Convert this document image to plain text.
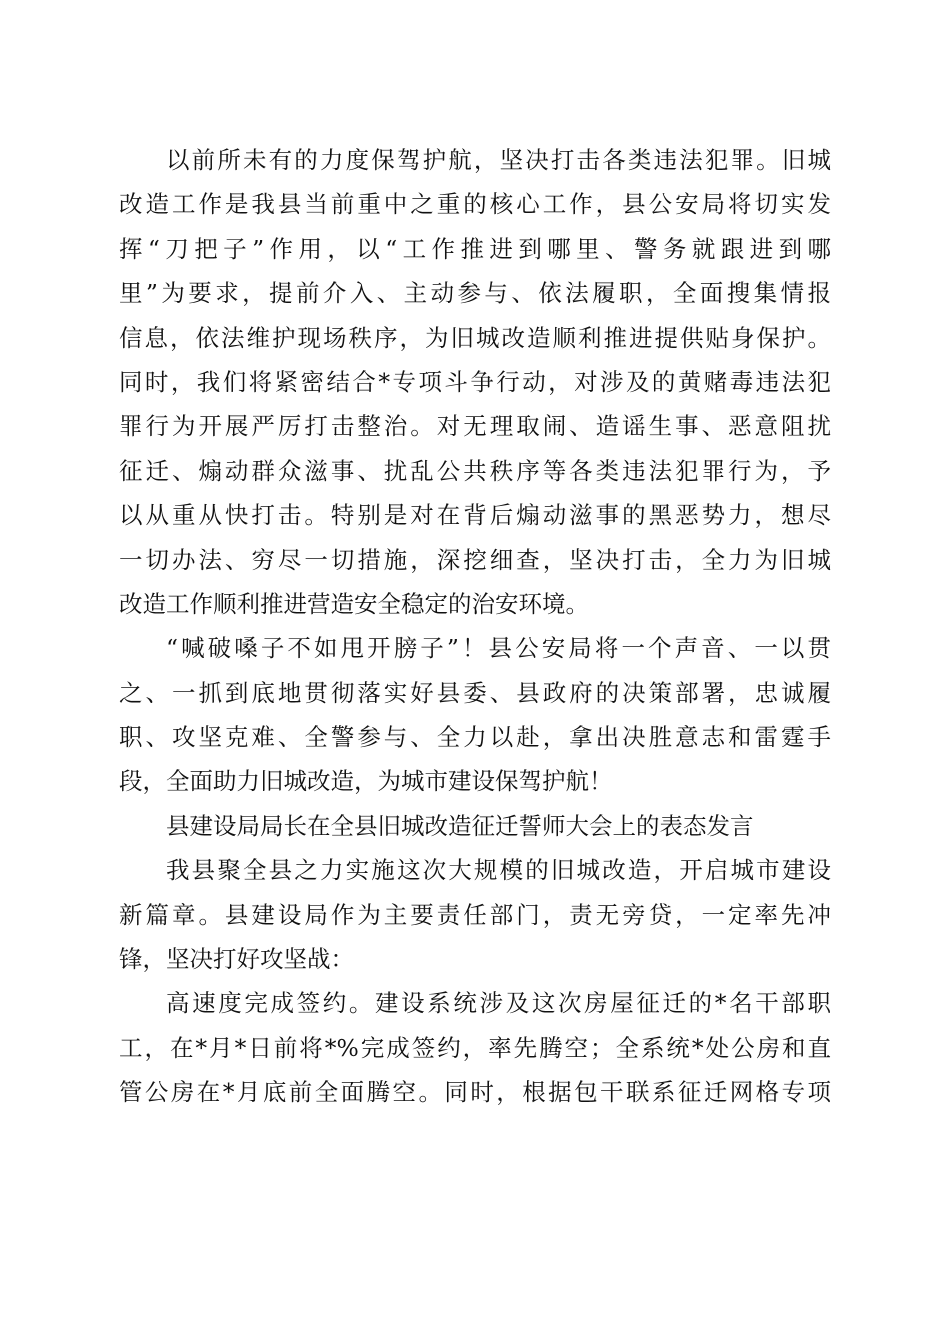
以前所未有的力度保驾护航，坚决打击各类违法犯罪。旧城
改造工作是我县当前重中之重的核心工作，县公安局将切实发
挥“刀把子”作用，以“工作推进到哪里、警务就跟进到哪
里”为要求，提前介入、主动参与、依法履职，全面搜集情报
信息，依法维护现场秩序，为旧城改造顺利推进提供贴身保护。
同时，我们将紧密结合*专项斗争行动，对涉及的黄赌毒违法犯
罪行为开展严厉打击整治。对无理取闹、造谣生事、恶意阻扰
征迁、煽动群众滋事、扰乱公共秩序等各类违法犯罪行为，予
以从重从快打击。特别是对在背后煽动滋事的黑恶势力，想尽
一切办法、穷尽一切措施，深挖细查，坚决打击，全力为旧城
改造工作顺利推进营造安全稳定的治安环境。
“喊破嗓子不如甩开膀子”！县公安局将一个声音、一以贯
之、一抓到底地贯彻落实好县委、县政府的决策部署，忠诚履
职、攻坚克难、全警参与、全力以赴，拿出决胜意志和雷霆手
段，全面助力旧城改造，为城市建设保驾护航！
县建设局局长在全县旧城改造征迁誓师大会上的表态发言
我县聚全县之力实施这次大规模的旧城改造，开启城市建设
新篇章。县建设局作为主要责任部门，责无旁贷，一定率先冲
锋，坚决打好攻坚战：
高速度完成签约。建设系统涉及这次房屋征迁的*名干部职
工，在*月*日前将*%完成签约，率先腾空；全系统*处公房和直
管公房在*月底前全面腾空。同时，根据包干联系征迁网格专项
